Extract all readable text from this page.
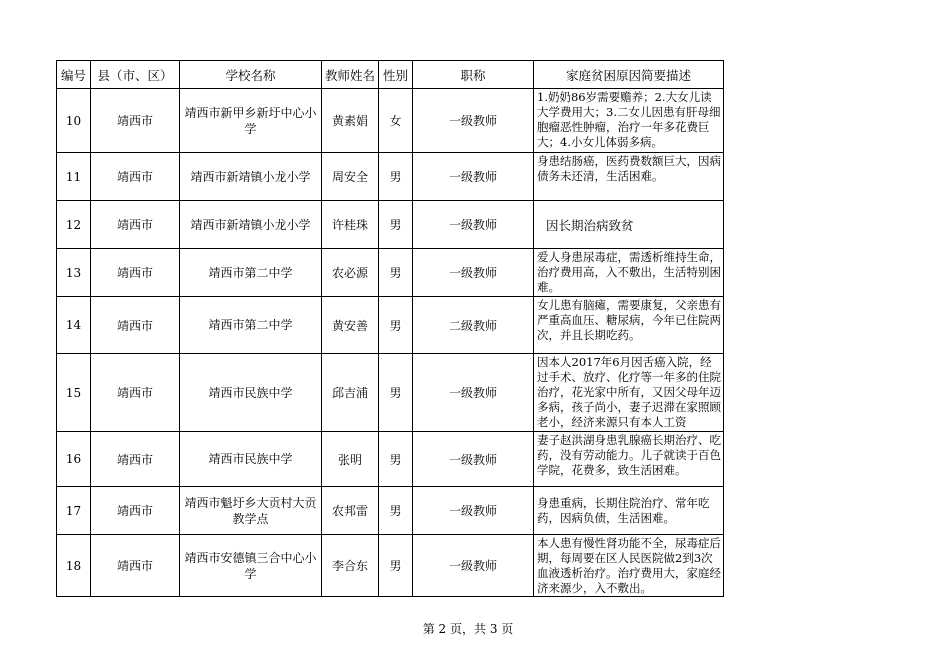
编号	县（市、区）	学校名称	教师姓名	性别	职称	家庭贫困原因简要描述
10	靖西市	靖西市新甲乡新圩中心小学	黄素娟	女	一级教师	1.奶奶86岁需要赡养；2.大女儿读大学费用大；3.二女儿因患有肝母细胞瘤恶性肿瘤，治疗一年多花费巨大；4.小女儿体弱多病。
11	靖西市	靖西市新靖镇小龙小学	周安全	男	一级教师	身患结肠癌，医药费数额巨大，因病债务未还清，生活困难。
12	靖西市	靖西市新靖镇小龙小学	许桂珠	男	一级教师	因长期治病致贫
13	靖西市	靖西市第二中学	农必源	男	一级教师	爱人身患尿毒症，需透析维持生命，治疗费用高，入不敷出，生活特别困难。
14	靖西市	靖西市第二中学	黄安善	男	二级教师	女儿患有脑瘫，需要康复，父亲患有严重高血压、糖尿病，今年已住院两次，并且长期吃药。
15	靖西市	靖西市民族中学	邱吉浦	男	一级教师	因本人2017年6月因舌癌入院，经过手术、放疗、化疗等一年多的住院治疗，花光家中所有，又因父母年迈多病，孩子尚小，妻子迟滞在家照顾老小，经济来源只有本人工资
16	靖西市	靖西市民族中学	张明	男	一级教师	妻子赵洪湖身患乳腺癌长期治疗、吃药，没有劳动能力。儿子就读于百色学院，花费多，致生活困难。
17	靖西市	靖西市魁圩乡大贡村大贡教学点	农邦雷	男	一级教师	身患重病，长期住院治疗、常年吃药，因病负债，生活困难。
18	靖西市	靖西市安德镇三合中心小学	李合东	男	一级教师	本人患有慢性肾功能不全，尿毒症后期，每周要在区人民医院做2到3次血液透析治疗。治疗费用大，家庭经济来源少，入不敷出。
第 2 页，共 3 页
